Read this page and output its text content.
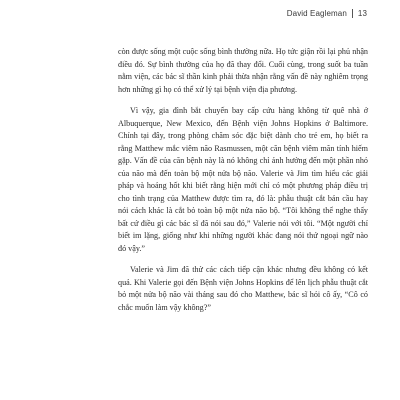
David Eagleman 13

còn được sống một cuộc sống bình thường nữa. Họ tức giận rồi lại phủ nhận điều đó. Sự bình thường của họ đã thay đổi. Cuối cùng, trong suốt ba tuần nằm viện, các bác sĩ thần kinh phải thừa nhận rằng vấn đề này nghiêm trọng hơn những gì họ có thể xử lý tại bệnh viện địa phương.

Vì vậy, gia đình bắt chuyến bay cấp cứu hàng không từ quê nhà ở Albuquerque, New Mexico, đến Bệnh viện Johns Hopkins ở Baltimore. Chính tại đây, trong phòng chăm sóc đặc biệt dành cho trẻ em, họ biết ra rằng Matthew mắc viêm não Rasmussen, một căn bệnh viêm mãn tính hiếm gặp. Vấn đề của căn bệnh này là nó không chỉ ảnh hưởng đến một phần nhỏ của não mà đến toàn bộ một nửa bộ não. Valerie và Jim tìm hiểu các giải pháp và hoảng hốt khi biết rằng hiện mới chỉ có một phương pháp điều trị cho tình trạng của Matthew được tìm ra, đó là: phẫu thuật cắt bán cầu hay nói cách khác là cắt bỏ toàn bộ một nửa não bộ. “Tôi không thể nghe thấy bất cứ điều gì các bác sĩ đã nói sau đó,” Valerie nói với tôi. “Một người chỉ biết im lặng, giống như khi những người khác đang nói thứ ngoại ngữ nào đó vậy.”

Valerie và Jim đã thử các cách tiếp cận khác nhưng đều không có kết quả. Khi Valerie gọi đến Bệnh viện Johns Hopkins để lên lịch phẫu thuật cắt bỏ một nửa bộ não vài tháng sau đó cho Matthew, bác sĩ hỏi cô ấy, “Cô có chắc muốn làm vậy không?”
